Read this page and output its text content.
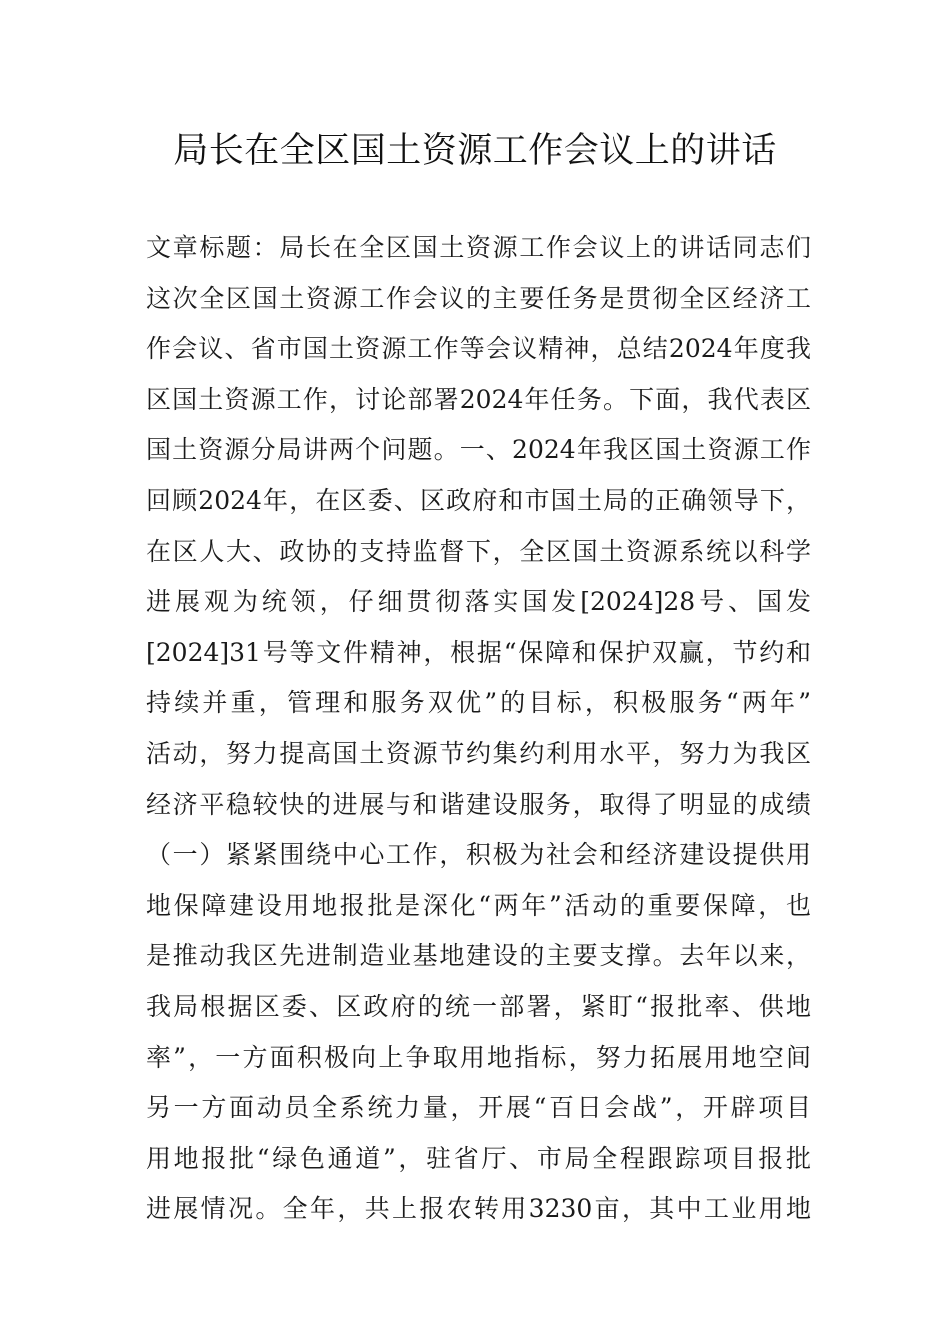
局长在全区国土资源工作会议上的讲话
文章标题：局长在全区国土资源工作会议上的讲话同志们
这次全区国土资源工作会议的主要任务是贯彻全区经济工
作会议、省市国土资源工作等会议精神，总结2024年度我
区国土资源工作，讨论部署2024年任务。下面，我代表区
国土资源分局讲两个问题。一、2024年我区国土资源工作
回顾2024年，在区委、区政府和市国土局的正确领导下，
在区人大、政协的支持监督下，全区国土资源系统以科学
进展观为统领，仔细贯彻落实国发[2024]28号、国发
[2024]31号等文件精神，根据“保障和保护双赢，节约和
持续并重，管理和服务双优”的目标，积极服务“两年”
活动，努力提高国土资源节约集约利用水平，努力为我区
经济平稳较快的进展与和谐建设服务，取得了明显的成绩
（一）紧紧围绕中心工作，积极为社会和经济建设提供用
地保障建设用地报批是深化“两年”活动的重要保障，也
是推动我区先进制造业基地建设的主要支撑。去年以来，
我局根据区委、区政府的统一部署，紧盯“报批率、供地
率”，一方面积极向上争取用地指标，努力拓展用地空间
另一方面动员全系统力量，开展“百日会战”，开辟项目
用地报批“绿色通道”，驻省厅、市局全程跟踪项目报批
进展情况。全年，共上报农转用3230亩，其中工业用地
